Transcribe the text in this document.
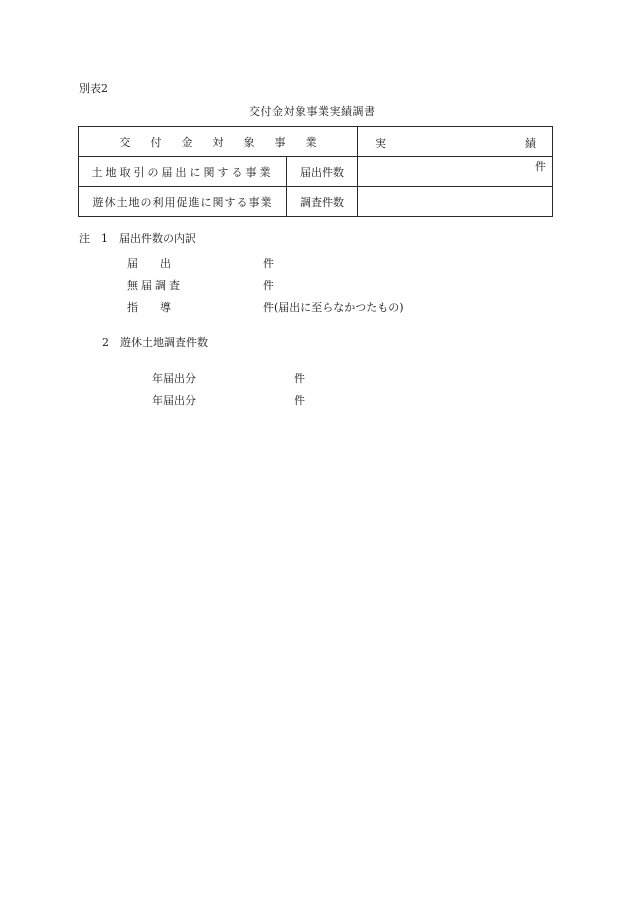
別表2
交付金対象事業実績調書
交付金対象事業		実 績

土地取引の届出に関する事業	届出件数	件

遊休土地の利用促進に関する事業	調査件数	
注　1　届出件数の内訳
届　　出	件
無届調査	件
指　　導	件(届出に至らなかつたもの)
2　遊休土地調査件数
年届出分	件
年届出分	件
